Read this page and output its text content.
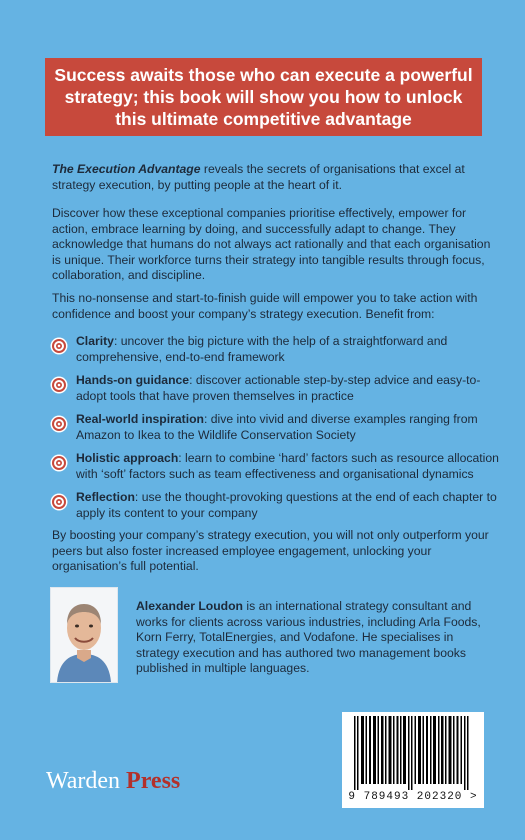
Success awaits those who can execute a powerful strategy; this book will show you how to unlock this ultimate competitive advantage
The Execution Advantage reveals the secrets of organisations that excel at strategy execution, by putting people at the heart of it.
Discover how these exceptional companies prioritise effectively, empower for action, embrace learning by doing, and successfully adapt to change. They acknowledge that humans do not always act rationally and that each organisation is unique. Their workforce turns their strategy into tangible results through focus, collaboration, and discipline.
This no-nonsense and start-to-finish guide will empower you to take action with confidence and boost your company’s strategy execution. Benefit from:
Clarity: uncover the big picture with the help of a straightforward and comprehensive, end-to-end framework
Hands-on guidance: discover actionable step-by-step advice and easy-to-adopt tools that have proven themselves in practice
Real-world inspiration: dive into vivid and diverse examples ranging from Amazon to Ikea to the Wildlife Conservation Society
Holistic approach: learn to combine ‘hard’ factors such as resource allocation with ‘soft’ factors such as team effectiveness and organisational dynamics
Reflection: use the thought-provoking questions at the end of each chapter to apply its content to your company
By boosting your company’s strategy execution, you will not only outperform your peers but also foster increased employee engagement, unlocking your organisation’s full potential.
Alexander Loudon is an international strategy consultant and works for clients across various industries, including Arla Foods, Korn Ferry, TotalEnergies, and Vodafone. He specialises in strategy execution and has authored two management books published in multiple languages.
Warden Press
9 789493 202320 >
